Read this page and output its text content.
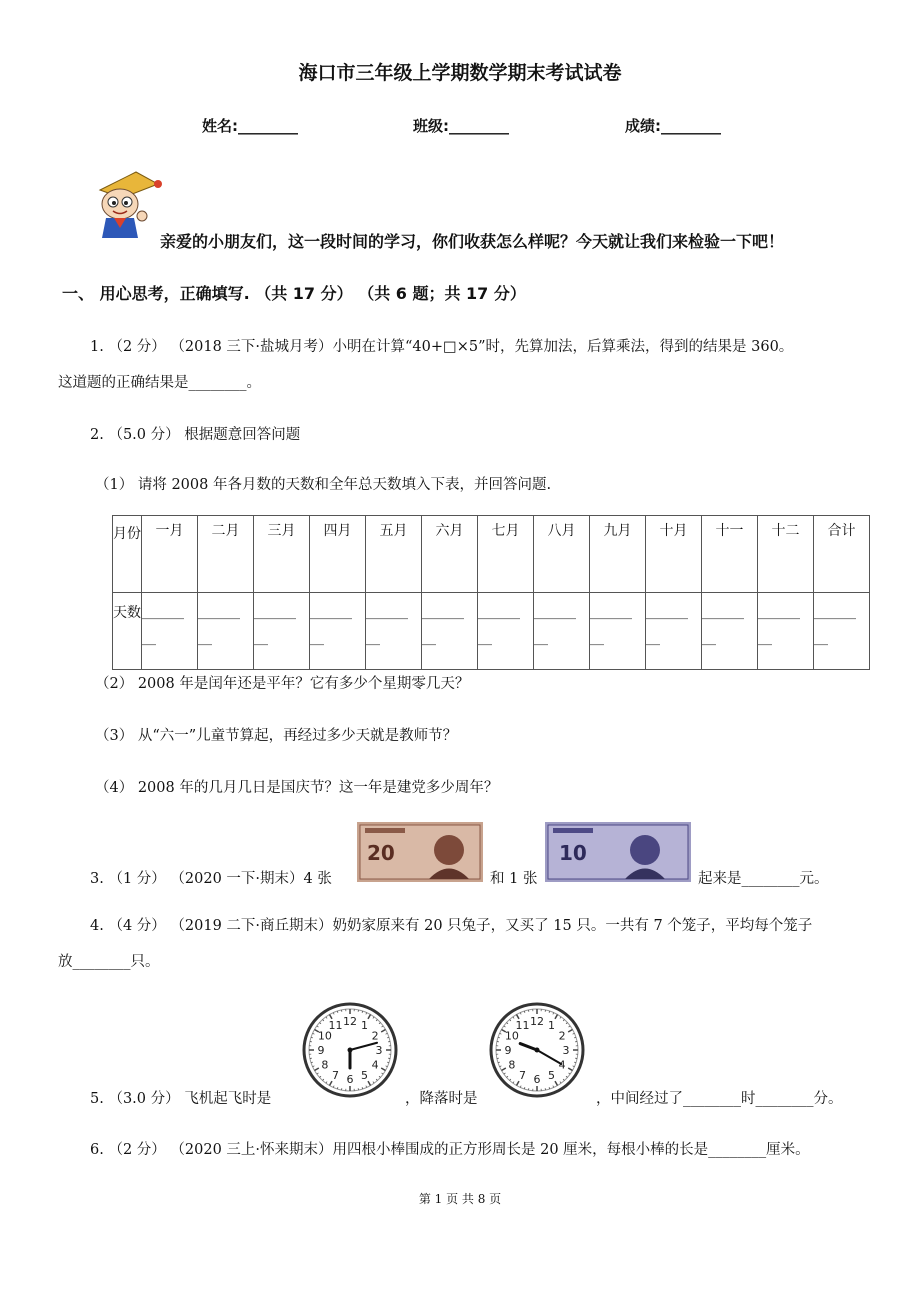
海口市三年级上学期数学期末考试试卷
姓名:________	班级:________	成绩:________
亲爱的小朋友们，这一段时间的学习，你们收获怎么样呢？今天就让我们来检验一下吧！
一、 用心思考，正确填写. （共 17 分） （共 6 题；共 17 分）
1. （2 分） （2018 三下·盐城月考）小明在计算“40+□×5”时，先算加法，后算乘法，得到的结果是 360。
这道题的正确结果是________。
2. （5.0 分） 根据题意回答问题
（1） 请将 2008 年各月数的天数和全年总天数填入下表，并回答问题.
月份	一月	二月	三月	四月	五月	六月	七月	八月	九月	十月	十一	十二	合计
天数	______ __	______ __	______ __	______ __	______ __	______ __	______ __	______ __	______ __	______ __	______ __	______ __	______ __
（2） 2008 年是闰年还是平年？它有多少个星期零几天？
（3） 从“六一”儿童节算起，再经过多少天就是教师节？
（4） 2008 年的几月几日是国庆节？这一年是建党多少周年？
3. （1 分） （2020 一下·期末）4 张
20
和 1 张
10
起来是________元。
4. （4 分） （2019 二下·商丘期末）奶奶家原来有 20 只兔子，又买了 15 只。一共有 7 个笼子，平均每个笼子
放________只。
5. （3.0 分） 飞机起飞时是
12 1
2
3
4
5
6
7
8
9
10
11
，降落时是
12 1
2
3
4
5
6
7
8
9
10
11
，中间经过了________时________分。
6. （2 分） （2020 三上·怀来期末）用四根小棒围成的正方形周长是 20 厘米，每根小棒的长是________厘米。
第 1 页 共 8 页
